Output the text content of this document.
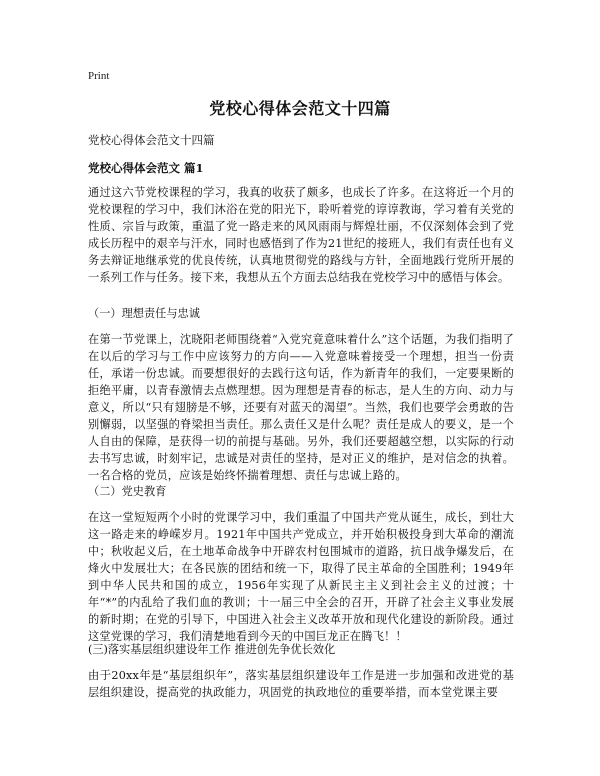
Print
党校心得体会范文十四篇
党校心得体会范文十四篇
党校心得体会范文 篇1
通过这六节党校课程的学习，我真的收获了颇多，也成长了许多。在这将近一个月的党校课程的学习中，我们沐浴在党的阳光下，聆听着党的谆谆教诲，学习着有关党的性质、宗旨与政策，重温了党一路走来的风风雨雨与辉煌壮丽，不仅深刻体会到了党成长历程中的艰辛与汗水，同时也感悟到了作为21世纪的接班人，我们有责任也有义务去辩证地继承党的优良传统，认真地贯彻党的路线与方针，全面地践行党所开展的一系列工作与任务。接下来，我想从五个方面去总结我在党校学习中的感悟与体会。
（一）理想责任与忠诚
在第一节党课上，沈晓阳老师围绕着“入党究竟意味着什么”这个话题，为我们指明了在以后的学习与工作中应该努力的方向——入党意味着接受一个理想，担当一份责任，承诺一份忠诚。而要想很好的去践行这句话，作为新青年的我们，一定要果断的拒绝平庸，以青春激情去点燃理想。因为理想是青春的标志，是人生的方向、动力与意义，所以“只有翅膀是不够，还要有对蓝天的渴望”。当然，我们也要学会勇敢的告别懈弱，以坚强的脊梁担当责任。那么责任又是什么呢？责任是成人的要义，是一个人自由的保障，是获得一切的前提与基础。另外，我们还要超越空想，以实际的行动去书写忠诚，时刻牢记，忠诚是对责任的坚持，是对正义的维护，是对信念的执着。一名合格的党员，应该是始终怀揣着理想、责任与忠诚上路的。
（二）党史教育
在这一堂短短两个小时的党课学习中，我们重温了中国共产党从诞生，成长，到壮大这一路走来的峥嵘岁月。1921年中国共产党成立，并开始积极投身到大革命的潮流中；秋收起义后，在土地革命战争中开辟农村包围城市的道路，抗日战争爆发后，在烽火中发展壮大；在各民族的团结和统一下，取得了民主革命的全国胜利；1949年到中华人民共和国的成立，1956年实现了从新民主主义到社会主义的过渡；十年“*”的内乱给了我们血的教训；十一届三中全会的召开，开辟了社会主义事业发展的新时期；在党的引导下，中国进入社会主义改革开放和现代化建设的新阶段。通过这堂党课的学习，我们清楚地看到今天的中国巨龙正在腾飞！！
(三)落实基层组织建设年工作 推进创先争优长效化
由于20xx年是“基层组织年”，落实基层组织建设年工作是进一步加强和改进党的基层组织建设，提高党的执政能力，巩固党的执政地位的重要举措，而本堂党课主要
